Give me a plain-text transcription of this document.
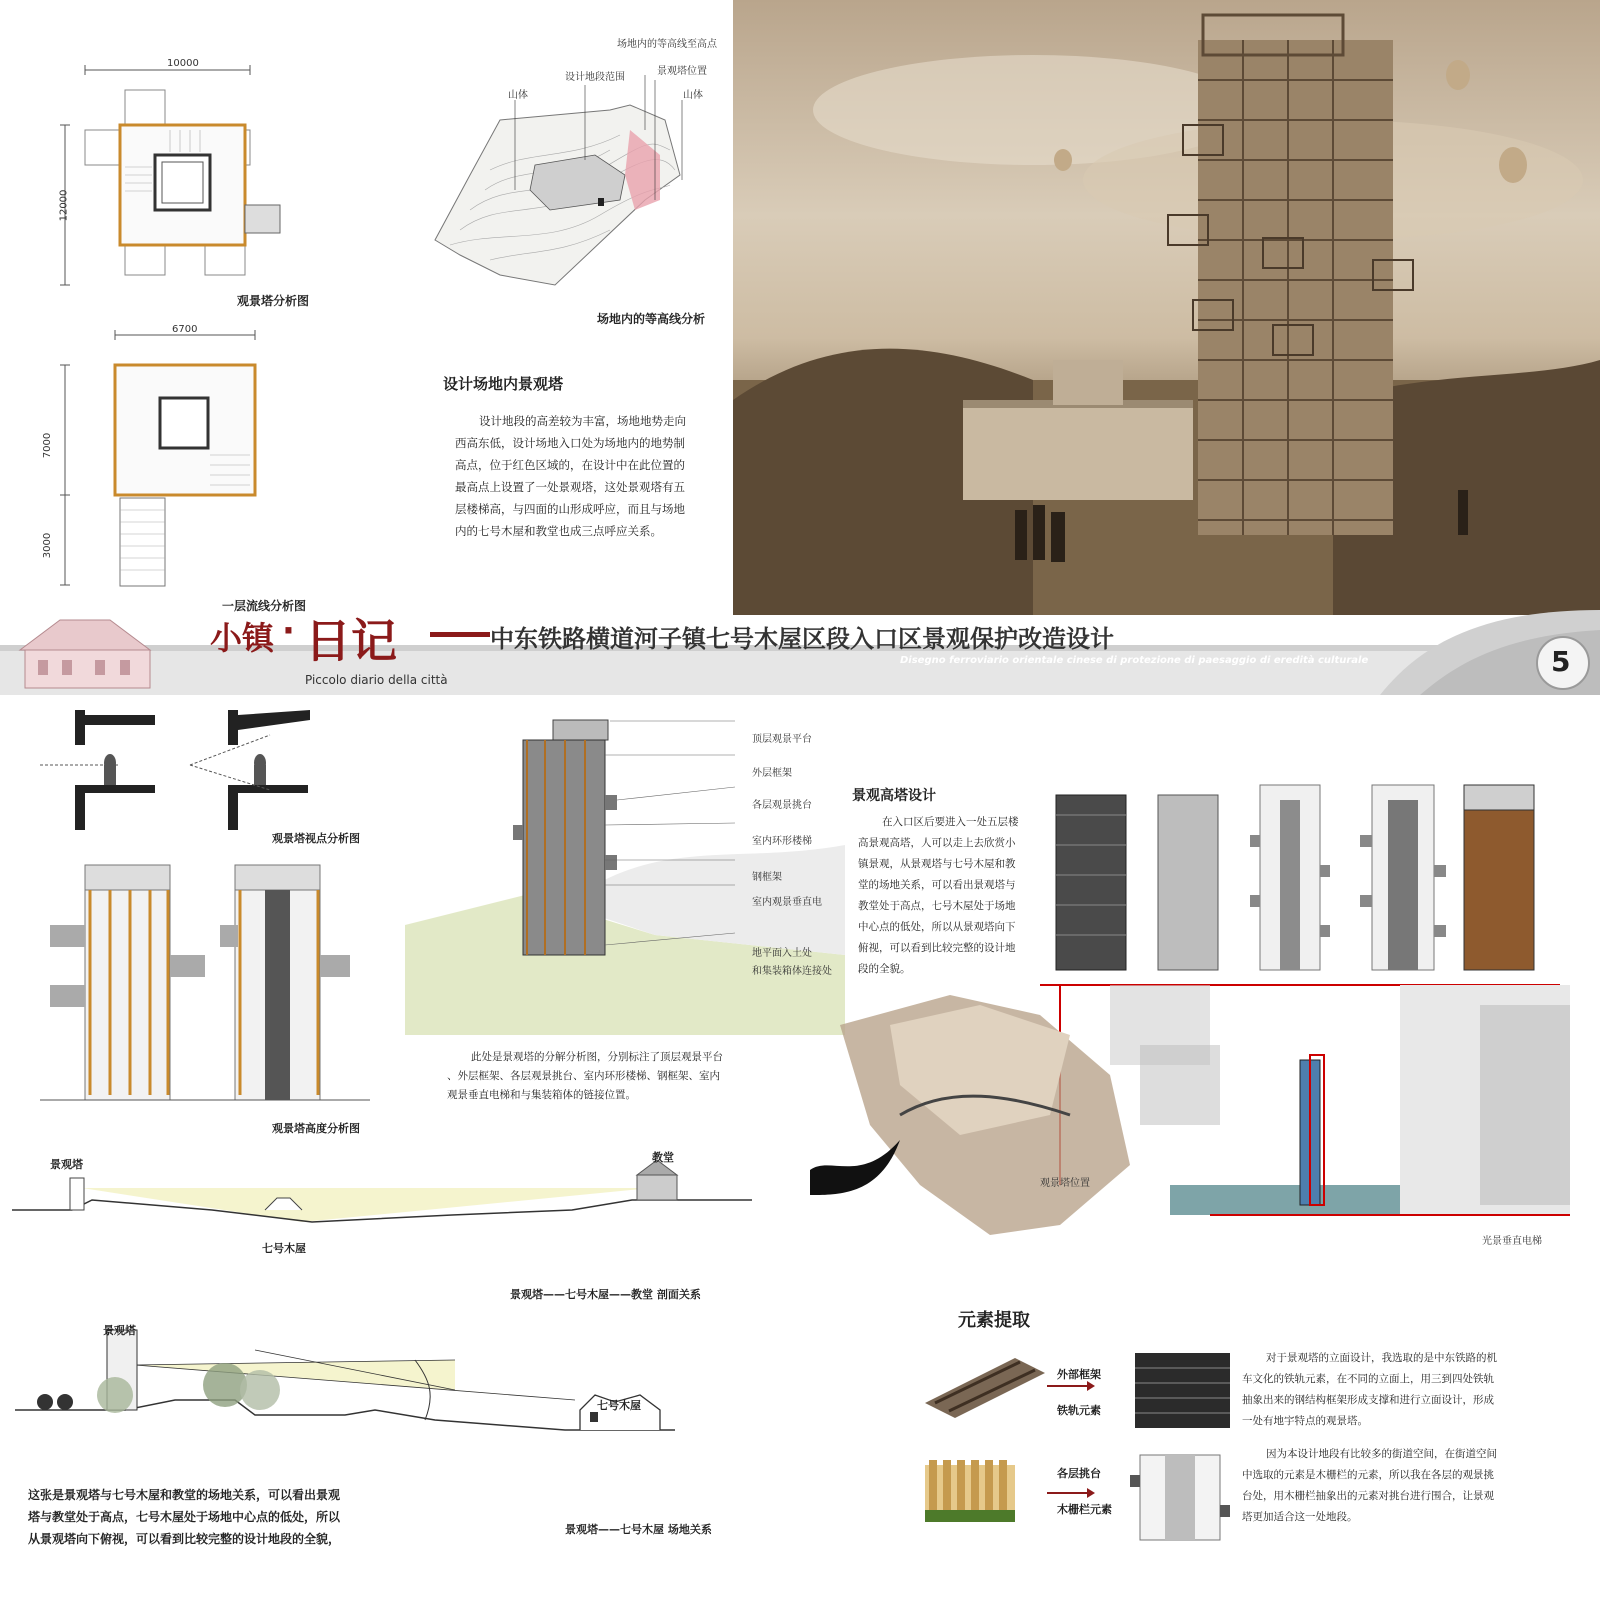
10000
12000
观景塔分析图
6700
7000
3000
一层流线分析图
山体
设计地段范围
场地内的等高线至高点
景观塔位置
山体
场地内的等高线分析
设计场地内景观塔
设计地段的高差较为丰富，场地地势走向
西高东低，设计场地入口处为场地内的地势制
高点，位于红色区域的，在设计中在此位置的
最高点上设置了一处景观塔，这处景观塔有五
层楼梯高，与四面的山形成呼应，而且与场地
内的七号木屋和教堂也成三点呼应关系。
小镇 · 日记	中东铁路横道河子镇七号木屋区段入口区景观保护改造设计
Disegno ferroviario orientale cinese di protezione di paesaggio di eredità culturale
Piccolo diario della città
5
观景塔视点分析图
观景塔高度分析图
顶层观景平台
外层框架
各层观景挑台
室内环形楼梯
钢框架
室内观景垂直电
地平面入土处
和集装箱体连接处
此处是景观塔的分解分析图，分别标注了顶层观景平台
、外层框架、各层观景挑台、室内环形楼梯、钢框架、室内
观景垂直电梯和与集装箱体的链接位置。
景观高塔设计
在入口区后要进入一处五层楼
高景观高塔，人可以走上去欣赏小
镇景观，从景观塔与七号木屋和教
堂的场地关系，可以看出景观塔与
教堂处于高点，七号木屋处于场地
中心点的低处，所以从景观塔向下
俯视，可以看到比较完整的设计地
段的全貌。
观景塔位置
光景垂直电梯
景观塔
教堂
七号木屋
景观塔——七号木屋——教堂 剖面关系
景观塔
七号木屋
景观塔——七号木屋 场地关系
这张是景观塔与七号木屋和教堂的场地关系，可以看出景观
塔与教堂处于高点，七号木屋处于场地中心点的低处，所以
从景观塔向下俯视，可以看到比较完整的设计地段的全貌，
元素提取
外部框架
铁轨元素
对于景观塔的立面设计，我选取的是中东铁路的机
车文化的铁轨元素，在不同的立面上，用三到四处铁轨
抽象出来的钢结构框架形成支撑和进行立面设计，形成
一处有地宇特点的观景塔。
各层挑台
木栅栏元素
因为本设计地段有比较多的街道空间，在街道空间
中选取的元素是木栅栏的元素，所以我在各层的观景挑
台处，用木栅栏抽象出的元素对挑台进行围合，让景观
塔更加适合这一处地段。
